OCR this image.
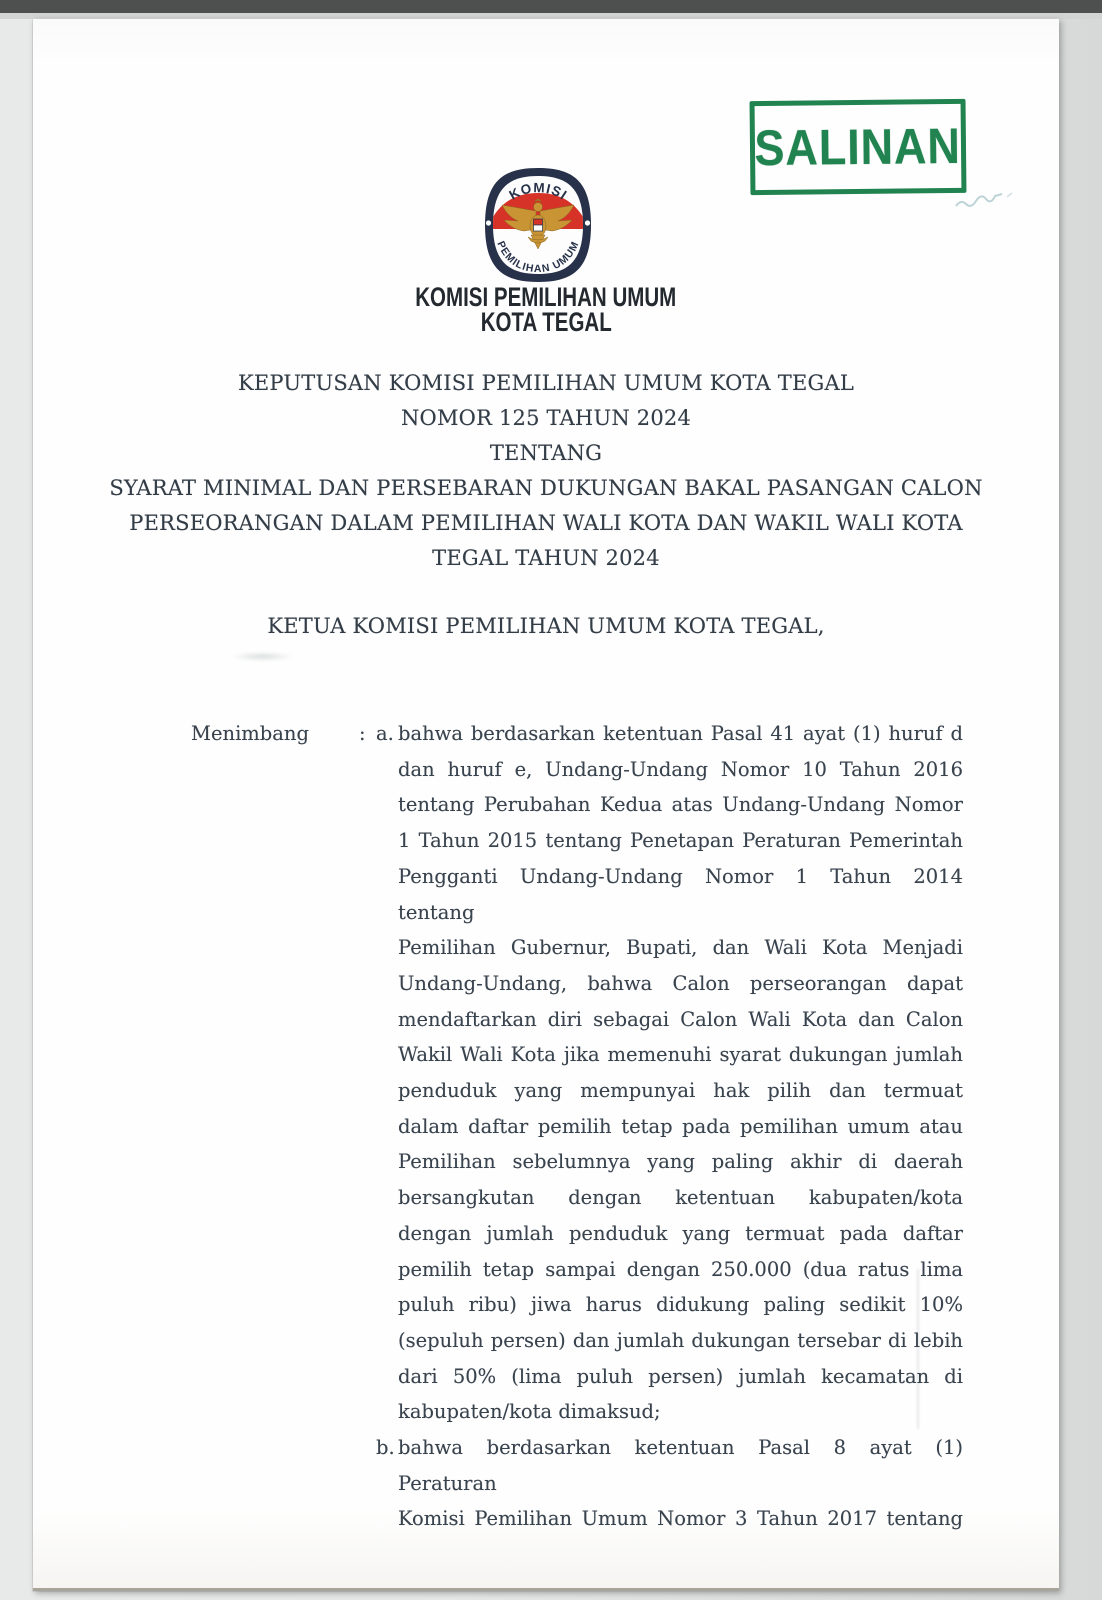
SALINAN
KOMISI
PEMILIHAN UMUM
KOMISI PEMILIHAN UMUM
KOTA TEGAL
KEPUTUSAN KOMISI PEMILIHAN UMUM KOTA TEGAL
NOMOR 125 TAHUN 2024
TENTANG
SYARAT MINIMAL DAN PERSEBARAN DUKUNGAN BAKAL PASANGAN CALON
PERSEORANGAN DALAM PEMILIHAN WALI KOTA DAN WAKIL WALI KOTA
TEGAL TAHUN 2024
KETUA KOMISI PEMILIHAN UMUM KOTA TEGAL,
Menimbang	: a. bahwa berdasarkan ketentuan Pasal 41 ayat (1) huruf d
dan huruf e, Undang-Undang Nomor 10 Tahun 2016
tentang Perubahan Kedua atas Undang-Undang Nomor
1 Tahun 2015 tentang Penetapan Peraturan Pemerintah
Pengganti Undang-Undang Nomor 1 Tahun 2014 tentang
Pemilihan Gubernur, Bupati, dan Wali Kota Menjadi
Undang-Undang, bahwa Calon perseorangan dapat
mendaftarkan diri sebagai Calon Wali Kota dan Calon
Wakil Wali Kota jika memenuhi syarat dukungan jumlah
penduduk yang mempunyai hak pilih dan termuat
dalam daftar pemilih tetap pada pemilihan umum atau
Pemilihan sebelumnya yang paling akhir di daerah
bersangkutan dengan ketentuan kabupaten/kota
dengan jumlah penduduk yang termuat pada daftar
pemilih tetap sampai dengan 250.000 (dua ratus lima
puluh ribu) jiwa harus didukung paling sedikit 10%
(sepuluh persen) dan jumlah dukungan tersebar di lebih
dari 50% (lima puluh persen) jumlah kecamatan di
kabupaten/kota dimaksud;
b. bahwa berdasarkan ketentuan Pasal 8 ayat (1) Peraturan
Komisi Pemilihan Umum Nomor 3 Tahun 2017 tentang
